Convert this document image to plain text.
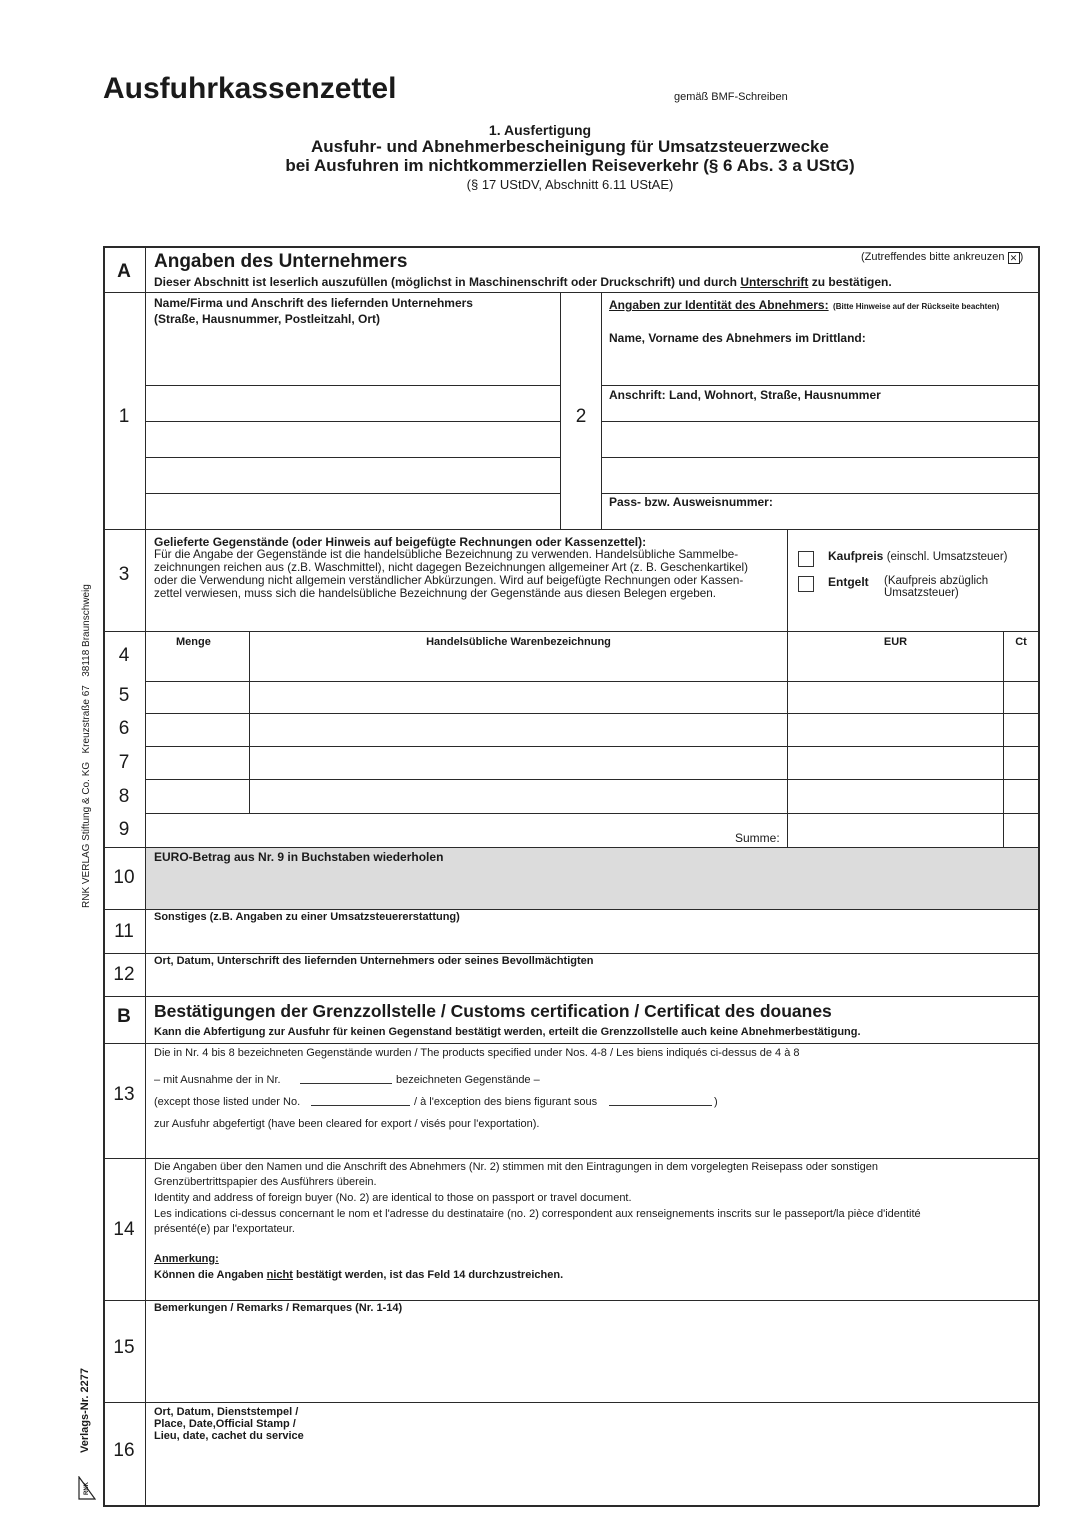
Ausfuhrkassenzettel	gemäß BMF-Schreiben
1. Ausfertigung
Ausfuhr- und Abnehmerbescheinigung für Umsatzsteuerzwecke
bei Ausfuhren im nichtkommerziellen Reiseverkehr (§ 6 Abs. 3 a UStG)
(§ 17 UStDV, Abschnitt 6.11 UStAE)
RNK VERLAG Stiftung & Co. KG   Kreuzstraße 67   38118 Braunschweig
Verlags-Nr. 2277
RNK
A	Angaben des Unternehmers	(Zutreffendes bitte ankreuzen ✕ )
Dieser Abschnitt ist leserlich auszufüllen (möglichst in Maschinenschrift oder Druckschrift) und durch Unterschrift zu bestätigen.
1
Name/Firma und Anschrift des liefernden Unternehmers
(Straße, Hausnummer, Postleitzahl, Ort)
2
Angaben zur Identität des Abnehmers: (Bitte Hinweise auf der Rückseite beachten)
Name, Vorname des Abnehmers im Drittland:
Anschrift: Land, Wohnort, Straße, Hausnummer
Pass- bzw. Ausweisnummer:
3
Gelieferte Gegenstände (oder Hinweis auf beigefügte Rechnungen oder Kassenzettel):
Für die Angabe der Gegenstände ist die handelsübliche Bezeichnung zu verwenden. Handelsübliche Sammelbe-
zeichnungen reichen aus (z.B. Waschmittel), nicht dagegen Bezeichnungen allgemeiner Art (z. B. Geschenkartikel)
oder die Verwendung nicht allgemein verständlicher Abkürzungen. Wird auf beigefügte Rechnungen oder Kassen-
zettel verwiesen, muss sich die handelsübliche Bezeichnung der Gegenstände aus diesen Belegen ergeben.
Kaufpreis (einschl. Umsatzsteuer)
Entgelt (Kaufpreis abzüglich
Umsatzsteuer)
Menge	Handelsübliche Warenbezeichnung	EUR	Ct
4
5
6
7
8
9	Summe:
10
EURO-Betrag aus Nr. 9 in Buchstaben wiederholen
11
Sonstiges (z.B. Angaben zu einer Umsatzsteuererstattung)
12
Ort, Datum, Unterschrift des liefernden Unternehmers oder seines Bevollmächtigten
B	Bestätigungen der Grenzzollstelle / Customs certification / Certificat des douanes
Kann die Abfertigung zur Ausfuhr für keinen Gegenstand bestätigt werden, erteilt die Grenzzollstelle auch keine Abnehmerbestätigung.
13
Die in Nr. 4 bis 8 bezeichneten Gegenstände wurden / The products specified under Nos. 4-8 / Les biens indiqués ci-dessus de 4 à 8
– mit Ausnahme der in Nr.	bezeichneten Gegenstände –
(except those listed under No.	/ à l'exception des biens figurant sous	)
zur Ausfuhr abgefertigt (have been cleared for export / visés pour l'exportation).
14
Die Angaben über den Namen und die Anschrift des Abnehmers (Nr. 2) stimmen mit den Eintragungen in dem vorgelegten Reisepass oder sonstigen
Grenzübertrittspapier des Ausführers überein.
Identity and address of foreign buyer (No. 2) are identical to those on passport or travel document.
Les indications ci-dessus concernant le nom et l'adresse du destinataire (no. 2) correspondent aux renseignements inscrits sur le passeport/la pièce d'identité
présenté(e) par l'exportateur.
Anmerkung:
Können die Angaben nicht bestätigt werden, ist das Feld 14 durchzustreichen.
15
Bemerkungen / Remarks / Remarques (Nr. 1-14)
16
Ort, Datum, Dienststempel /
Place, Date,Official Stamp /
Lieu, date, cachet du service
